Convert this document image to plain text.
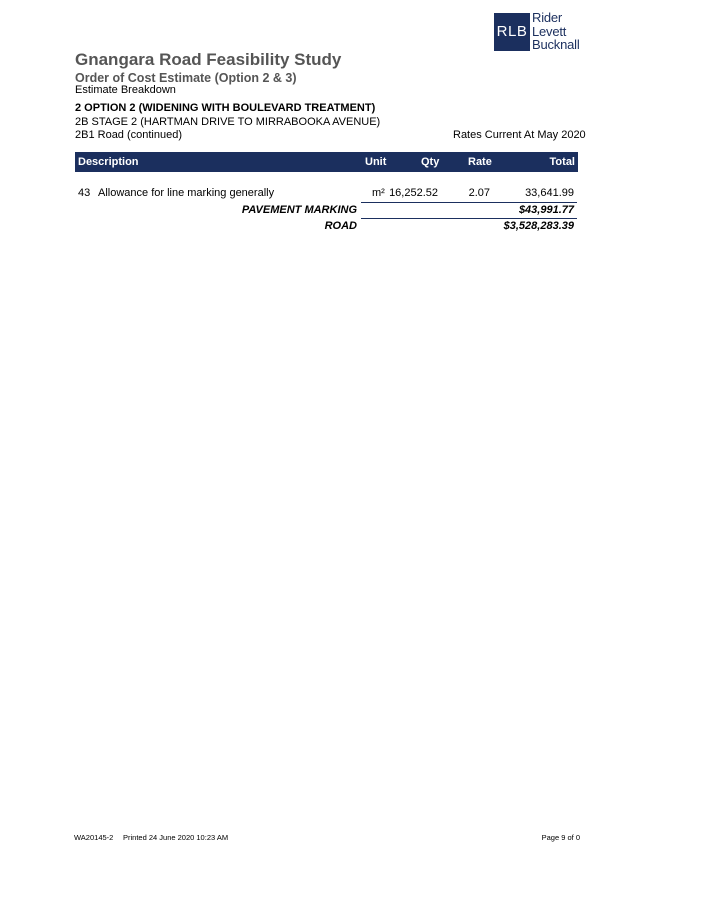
RLB
Rider
Levett
Bucknall
Gnangara Road Feasibility Study
Order of Cost Estimate (Option 2 & 3)
Estimate Breakdown
2 OPTION 2 (WIDENING WITH BOULEVARD TREATMENT)
2B STAGE 2 (HARTMAN DRIVE TO MIRRABOOKA AVENUE)
2B1 Road (continued)	Rates Current At May 2020
Description	Unit	Qty	Rate	Total
43 Allowance for line marking generally	m² 16,252.52	2.07	33,641.99
PAVEMENT MARKING	$43,991.77
ROAD	$3,528,283.39
WA20145-2 Printed 24 June 2020 10:23 AM	Page 9 of 0
